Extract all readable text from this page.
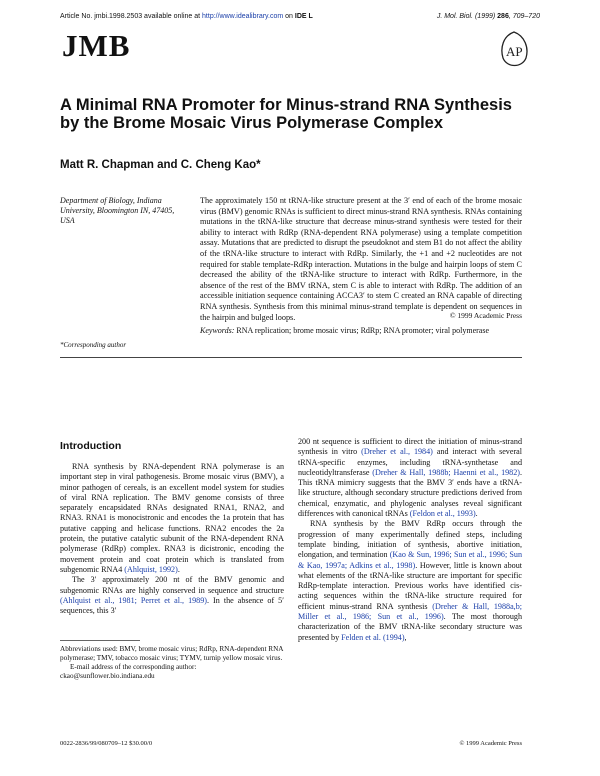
Article No. jmbi.1998.2503 available online at http://www.idealibrary.com on IDE L	J. Mol. Biol. (1999) 286, 709–720
JMB	AP
A Minimal RNA Promoter for Minus-strand RNA Synthesis by the Brome Mosaic Virus Polymerase Complex
Matt R. Chapman and C. Cheng Kao*
Department of Biology, Indiana University, Bloomington IN, 47405, USA
The approximately 150 nt tRNA-like structure present at the 3′ end of each of the brome mosaic virus (BMV) genomic RNAs is sufficient to direct minus-strand RNA synthesis. RNAs containing mutations in the tRNA-like structure that decrease minus-strand synthesis were tested for their ability to interact with RdRp (RNA-dependent RNA polymerase) using a template competition assay. Mutations that are predicted to disrupt the pseudoknot and stem B1 do not affect the ability of the tRNA-like structure to interact with RdRp. Similarly, the +1 and +2 nucleotides are not required for stable template-RdRp interaction. Mutations in the bulge and hairpin loops of stem C decreased the ability of the tRNA-like structure to interact with RdRp. Furthermore, in the absence of the rest of the BMV tRNA, stem C is able to interact with RdRp. The addition of an accessible initiation sequence containing ACCA3′ to stem C created an RNA capable of directing RNA synthesis. Synthesis from this minimal minus-strand template is dependent on sequences in the hairpin and bulged loops.	© 1999 Academic Press
Keywords: RNA replication; brome mosaic virus; RdRp; RNA promoter; viral polymerase
*Corresponding author
Introduction

RNA synthesis by RNA-dependent RNA polymerase is an important step in viral pathogenesis. Brome mosaic virus (BMV), a minor pathogen of cereals, is an excellent model system for studies of viral RNA replication. The BMV genome consists of three separately encapsidated RNAs designated RNA1, RNA2, and RNA3. RNA1 is monocistronic and encodes the 1a protein that has putative capping and helicase functions. RNA2 encodes the 2a protein, the putative catalytic subunit of the RNA-dependent RNA polymerase (RdRp) complex. RNA3 is dicistronic, encoding the movement protein and coat protein which is translated from subgenomic RNA4 (Ahlquist, 1992).

The 3′ approximately 200 nt of the BMV genomic and subgenomic RNAs are highly conserved in sequence and structure (Ahlquist et al., 1981; Perret et al., 1989). In the absence of 5′ sequences, this 3′

200 nt sequence is sufficient to direct the initiation of minus-strand synthesis in vitro (Dreher et al., 1984) and interact with several tRNA-specific enzymes, including tRNA-synthetase and nucleotidyltransferase (Dreher & Hall, 1988b; Haenni et al., 1982). This tRNA mimicry suggests that the BMV 3′ ends have a tRNA-like structure, although secondary structure predictions derived from chemical, enzymatic, and phylogenic analyses reveal significant differences with canonical tRNAs (Feldon et al., 1993).

RNA synthesis by the BMV RdRp occurs through the progression of many experimentally defined steps, including template binding, initiation of synthesis, abortive initiation, elongation, and termination (Kao & Sun, 1996; Sun et al., 1996; Sun & Kao, 1997a; Adkins et al., 1998). However, little is known about what elements of the tRNA-like structure are important for specific RdRp-template interaction. Previous works have identified cis-acting sequences within the tRNA-like structure required for efficient minus-strand RNA synthesis (Dreher & Hall, 1988a,b; Miller et al., 1986; Sun et al., 1996). The most thorough characterization of the BMV tRNA-like secondary structure was presented by Felden et al. (1994),

Abbreviations used: BMV, brome mosaic virus; RdRp, RNA-dependent RNA polymerase; TMV, tobacco mosaic virus; TYMV, turnip yellow mosaic virus.

E-mail address of the corresponding author:

ckao@sunflower.bio.indiana.edu

0022-2836/99/080709–12 $30.00/0	© 1999 Academic Press
